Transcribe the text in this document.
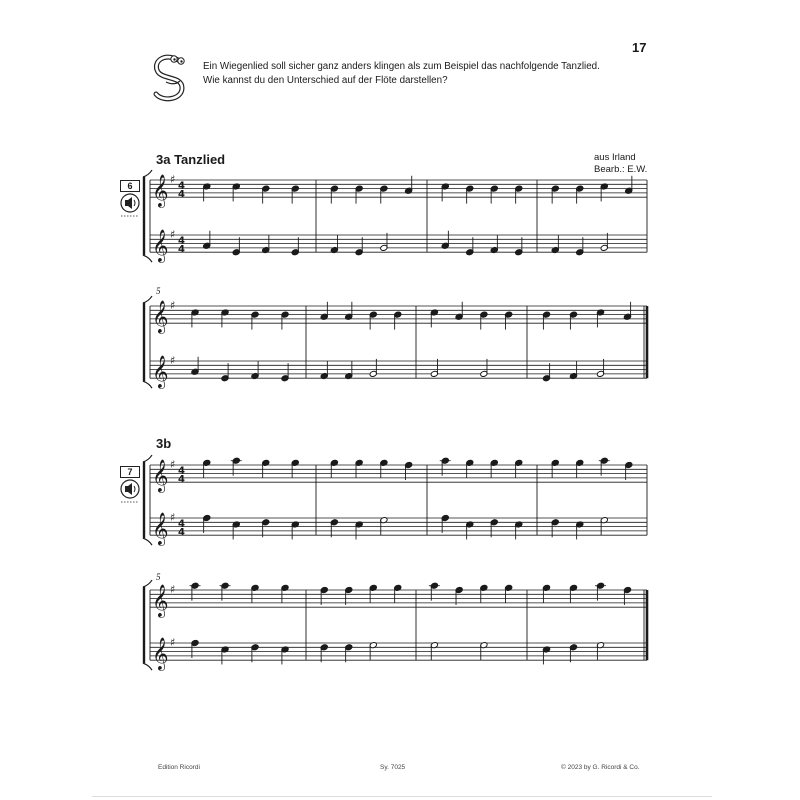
17
Ein Wiegenlied soll sicher ganz anders klingen als zum Beispiel das nachfolgende Tanzlied.
Wie kannst du den Unterschied auf der Flöte darstellen?
3a Tanzlied	aus Irland
Bearb.: E.W.
3b
5
5
6
7
𝄞 ♯
4
4
𝄞 ♯
4
4
𝄞 ♯
𝄞 ♯
𝄞 ♯
4
4
𝄞 ♯
4
4
𝄞 ♯
𝄞 ♯
Edition Ricordi	Sy. 7025	© 2023 by G. Ricordi & Co.
